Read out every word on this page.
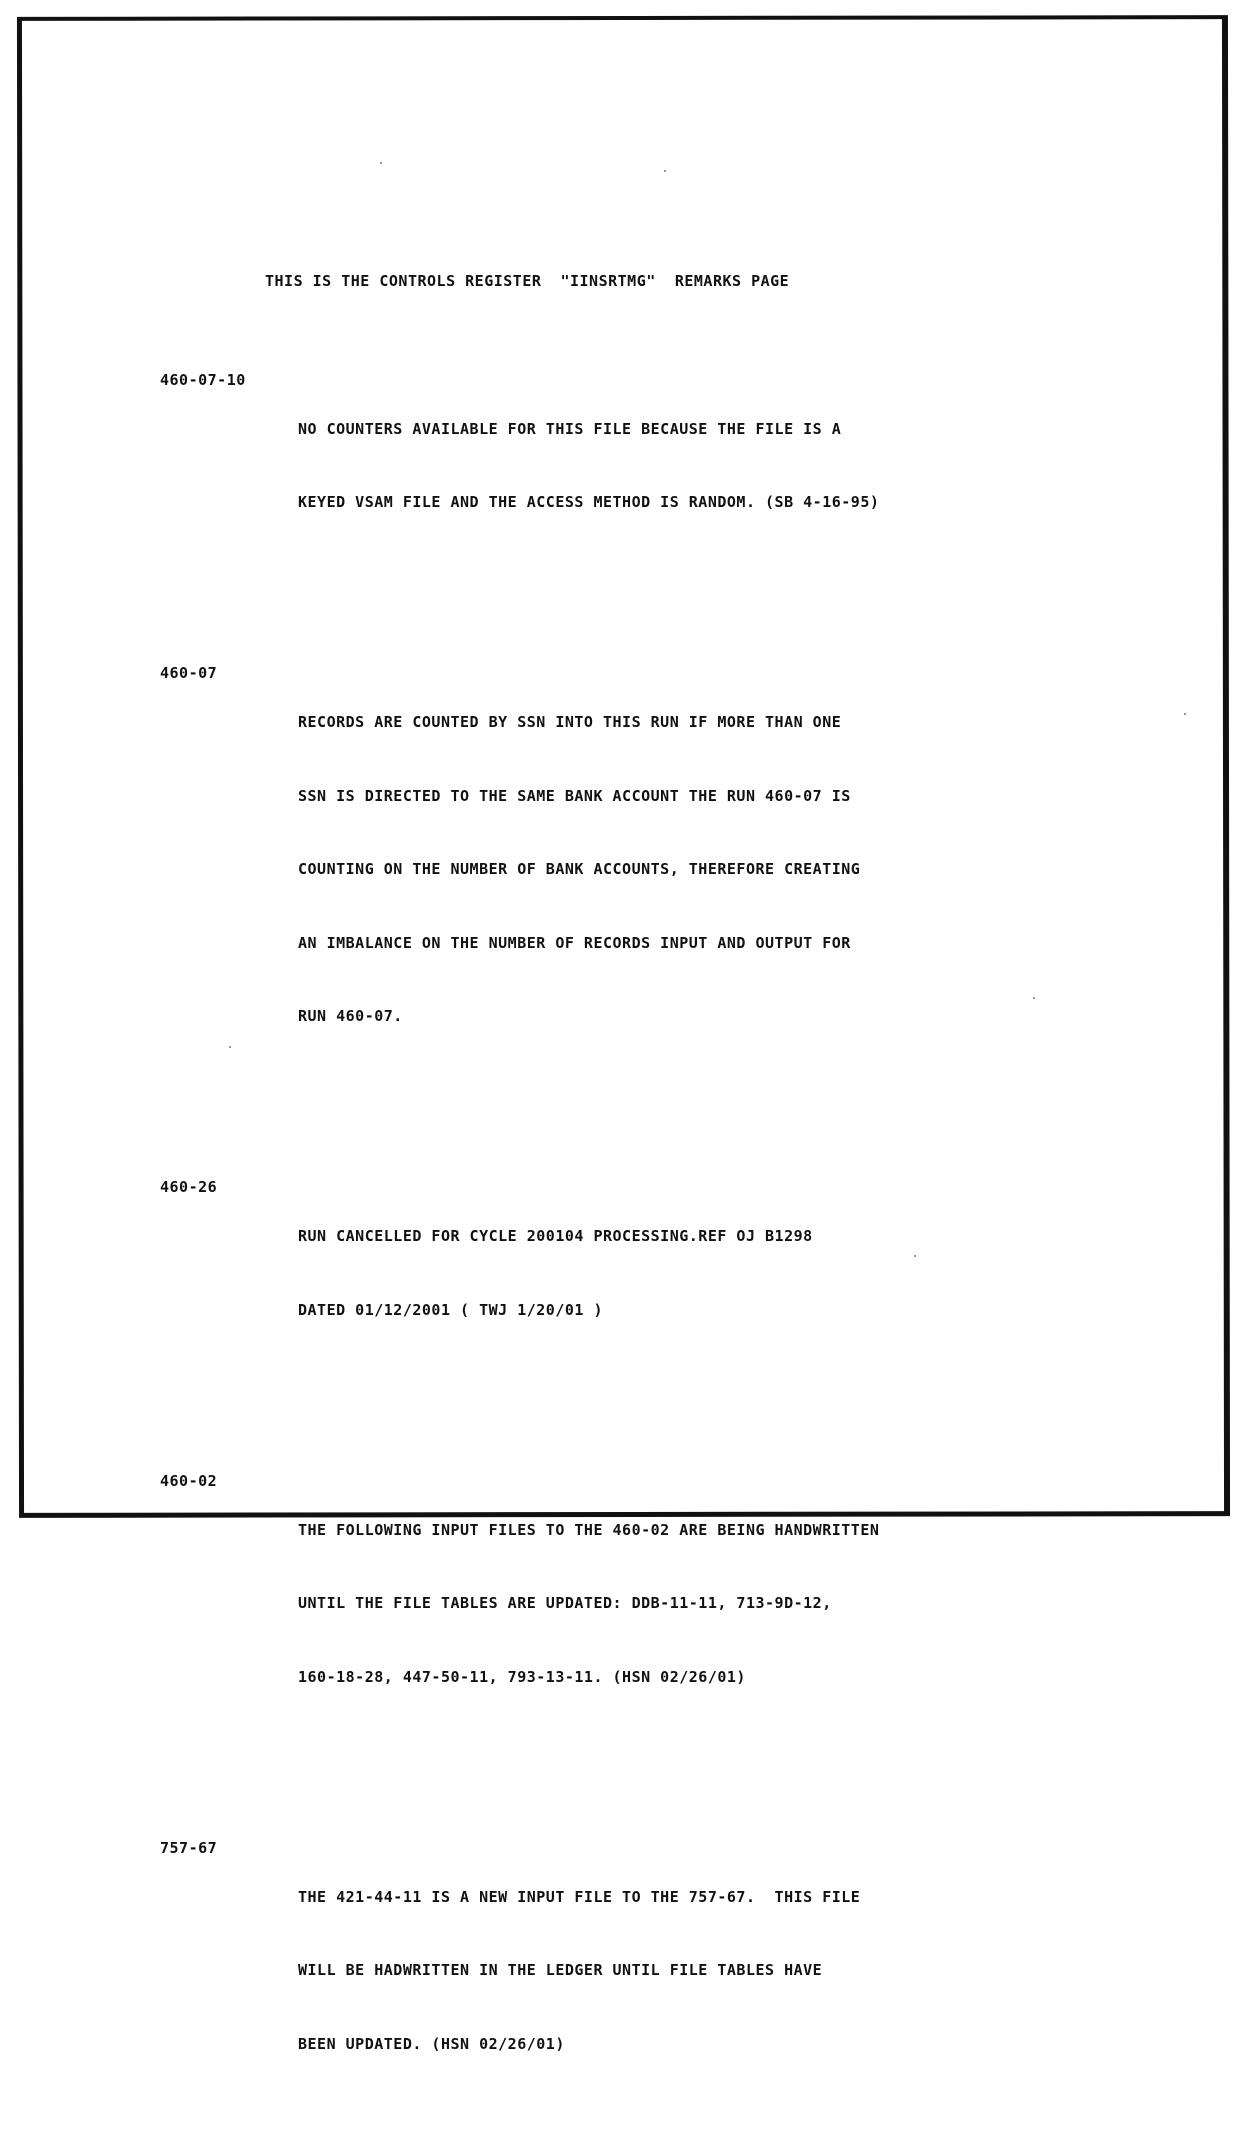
THIS IS THE CONTROLS REGISTER  "IINSRTMG"  REMARKS PAGE

460-07-10

NO COUNTERS AVAILABLE FOR THIS FILE BECAUSE THE FILE IS A

KEYED VSAM FILE AND THE ACCESS METHOD IS RANDOM. (SB 4-16-95)

460-07

RECORDS ARE COUNTED BY SSN INTO THIS RUN IF MORE THAN ONE

SSN IS DIRECTED TO THE SAME BANK ACCOUNT THE RUN 460-07 IS

COUNTING ON THE NUMBER OF BANK ACCOUNTS, THEREFORE CREATING

AN IMBALANCE ON THE NUMBER OF RECORDS INPUT AND OUTPUT FOR

RUN 460-07.

460-26

RUN CANCELLED FOR CYCLE 200104 PROCESSING.REF OJ B1298

DATED 01/12/2001 ( TWJ 1/20/01 )

460-02

THE FOLLOWING INPUT FILES TO THE 460-02 ARE BEING HANDWRITTEN

UNTIL THE FILE TABLES ARE UPDATED: DDB-11-11, 713-9D-12,

160-18-28, 447-50-11, 793-13-11. (HSN 02/26/01)

757-67

THE 421-44-11 IS A NEW INPUT FILE TO THE 757-67.  THIS FILE

WILL BE HADWRITTEN IN THE LEDGER UNTIL FILE TABLES HAVE

BEEN UPDATED. (HSN 02/26/01)
